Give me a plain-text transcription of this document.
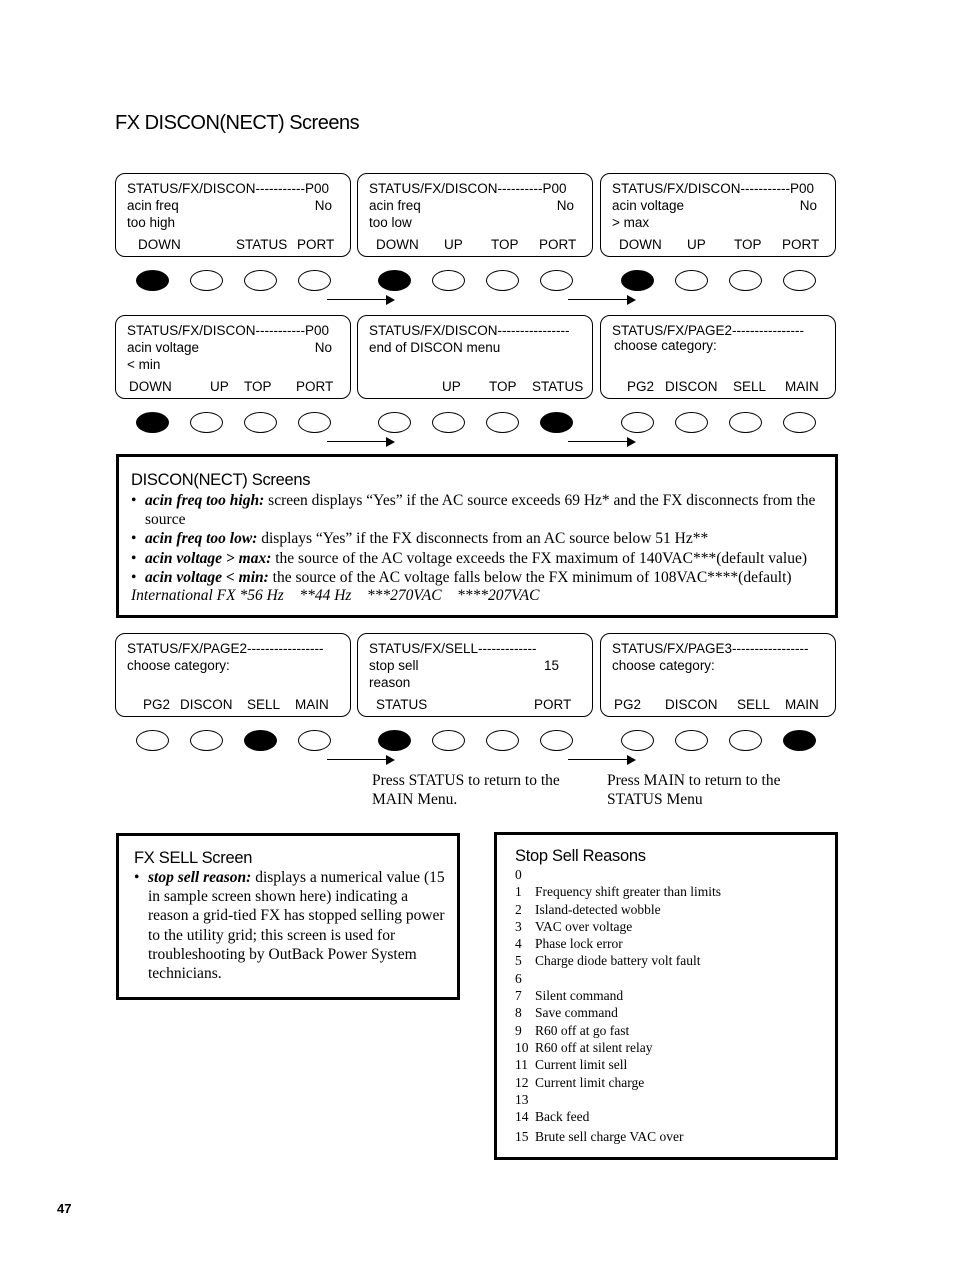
FX DISCON(NECT) Screens
STATUS/FX/DISCON-----------P00
acin freq	No
too high
DOWN	STATUS PORT
STATUS/FX/DISCON----------P00
acin freq	No
too low
DOWN UP TOP PORT
STATUS/FX/DISCON-----------P00
acin voltage	No
> max
DOWN UP TOP PORT
STATUS/FX/DISCON-----------P00
acin voltage	No
< min
DOWN	UP TOP PORT
STATUS/FX/DISCON----------------
end of DISCON menu
UP TOP STATUS
STATUS/FX/PAGE2----------------
choose category:
PG2 DISCON SELL MAIN
DISCON(NECT) Screens
• acin freq too high: screen displays “Yes” if the AC source exceeds 69 Hz* and the FX disconnects from the source
• acin freq too low: displays “Yes” if the FX disconnects from an AC source below 51 Hz**
• acin voltage > max: the source of the AC voltage exceeds the FX maximum of 140VAC***(default value)
• acin voltage < min: the source of the AC voltage falls below the FX minimum of 108VAC****(default)
International FX *56 Hz    **44 Hz    ***270VAC    ****207VAC
STATUS/FX/PAGE2-----------------
choose category:
PG2 DISCON SELL MAIN
STATUS/FX/SELL-------------
stop sell	15
reason
STATUS	PORT
STATUS/FX/PAGE3-----------------
choose category:
PG2 DISCON SELL MAIN
Press STATUS to return to the MAIN Menu.
Press MAIN to return to the STATUS Menu
FX SELL Screen
• stop sell reason: displays a numerical value (15 in sample screen shown here) indicating a reason a grid-tied FX has stopped selling power to the utility grid; this screen is used for troubleshooting by OutBack Power System technicians.
Stop Sell Reasons
0
1 Frequency shift greater than limits
2 Island-detected wobble
3 VAC over voltage
4 Phase lock error
5 Charge diode battery volt fault
6
7 Silent command
8 Save command
9 R60 off at go fast
10 R60 off at silent relay
11 Current limit sell
12 Current limit charge
13
14 Back feed
15 Brute sell charge VAC over
47
